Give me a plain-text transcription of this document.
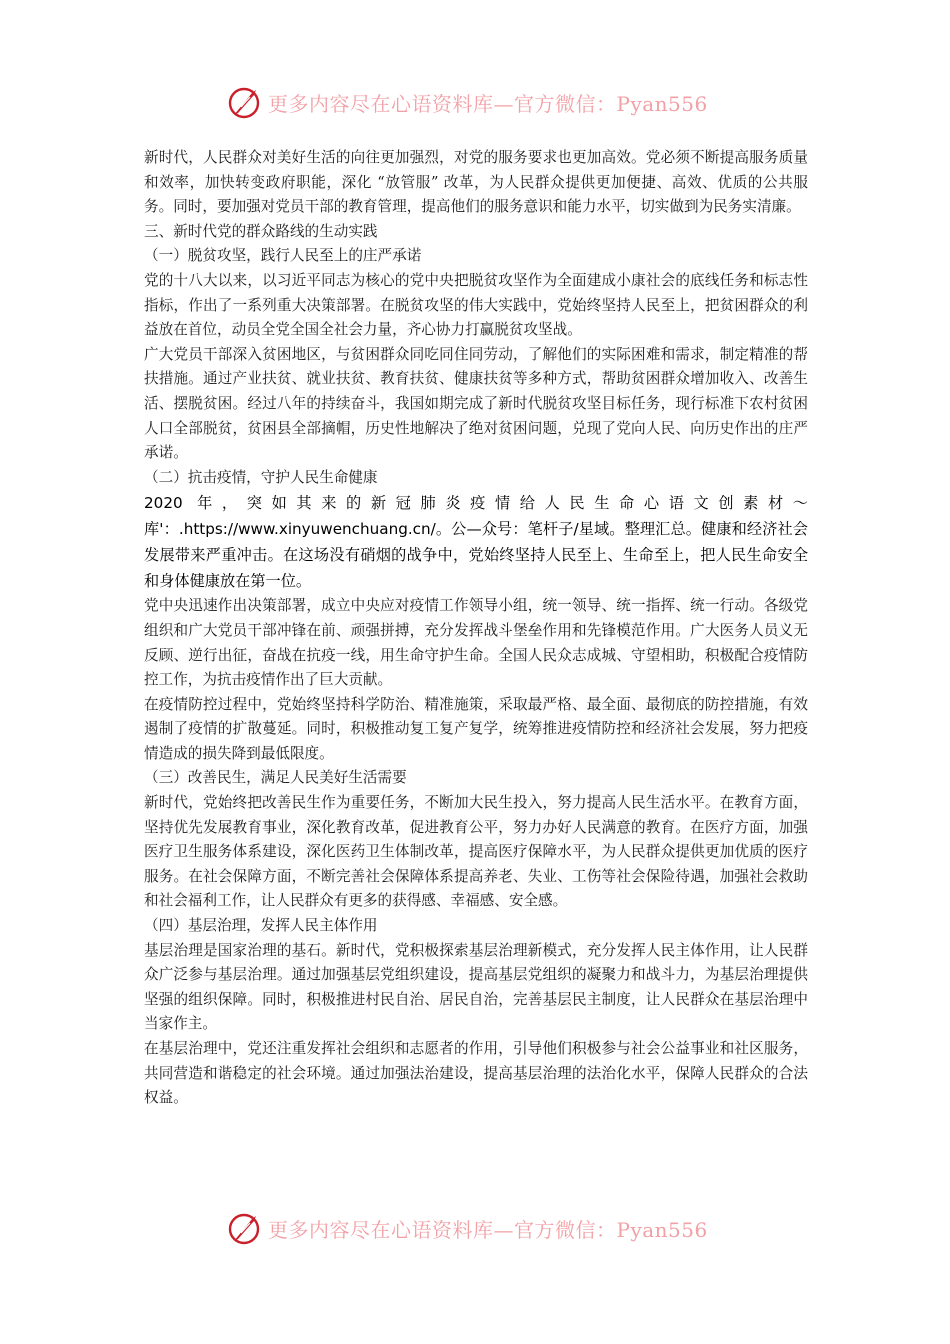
更多内容尽在心语资料库—官方微信：Pyan556

新时代，人民群众对美好生活的向往更加强烈，对党的服务要求也更加高效。党必须不断提高服务质量和效率，加快转变政府职能，深化 “放管服” 改革，为人民群众提供更加便捷、高效、优质的公共服务。同时，要加强对党员干部的教育管理，提高他们的服务意识和能力水平，切实做到为民务实清廉。

三、新时代党的群众路线的生动实践

（一）脱贫攻坚，践行人民至上的庄严承诺

党的十八大以来，以习近平同志为核心的党中央把脱贫攻坚作为全面建成小康社会的底线任务和标志性指标，作出了一系列重大决策部署。在脱贫攻坚的伟大实践中，党始终坚持人民至上，把贫困群众的利益放在首位，动员全党全国全社会力量，齐心协力打赢脱贫攻坚战。

广大党员干部深入贫困地区，与贫困群众同吃同住同劳动，了解他们的实际困难和需求，制定精准的帮扶措施。通过产业扶贫、就业扶贫、教育扶贫、健康扶贫等多种方式，帮助贫困群众增加收入、改善生活、摆脱贫困。经过八年的持续奋斗，我国如期完成了新时代脱贫攻坚目标任务，现行标准下农村贫困人口全部脱贫，贫困县全部摘帽，历史性地解决了绝对贫困问题，兑现了党向人民、向历史作出的庄严承诺。

（二）抗击疫情，守护人民生命健康

2020 年，突如其来的新冠肺炎疫情给人民生命心语文创素材～库'：.https://www.xinyuwenchuang.cn/。公—众号：笔杆子/星域。整理汇总。健康和经济社会发展带来严重冲击。在这场没有硝烟的战争中，党始终坚持人民至上、生命至上，把人民生命安全和身体健康放在第一位。

党中央迅速作出决策部署，成立中央应对疫情工作领导小组，统一领导、统一指挥、统一行动。各级党组织和广大党员干部冲锋在前、顽强拼搏，充分发挥战斗堡垒作用和先锋模范作用。广大医务人员义无反顾、逆行出征，奋战在抗疫一线，用生命守护生命。全国人民众志成城、守望相助，积极配合疫情防控工作，为抗击疫情作出了巨大贡献。

在疫情防控过程中，党始终坚持科学防治、精准施策，采取最严格、最全面、最彻底的防控措施，有效遏制了疫情的扩散蔓延。同时，积极推动复工复产复学，统筹推进疫情防控和经济社会发展，努力把疫情造成的损失降到最低限度。

（三）改善民生，满足人民美好生活需要

新时代，党始终把改善民生作为重要任务，不断加大民生投入，努力提高人民生活水平。在教育方面，坚持优先发展教育事业，深化教育改革，促进教育公平，努力办好人民满意的教育。在医疗方面，加强医疗卫生服务体系建设，深化医药卫生体制改革，提高医疗保障水平，为人民群众提供更加优质的医疗服务。在社会保障方面，不断完善社会保障体系提高养老、失业、工伤等社会保险待遇，加强社会救助和社会福利工作，让人民群众有更多的获得感、幸福感、安全感。

（四）基层治理，发挥人民主体作用

基层治理是国家治理的基石。新时代，党积极探索基层治理新模式，充分发挥人民主体作用，让人民群众广泛参与基层治理。通过加强基层党组织建设，提高基层党组织的凝聚力和战斗力，为基层治理提供坚强的组织保障。同时，积极推进村民自治、居民自治，完善基层民主制度，让人民群众在基层治理中当家作主。

在基层治理中，党还注重发挥社会组织和志愿者的作用，引导他们积极参与社会公益事业和社区服务，共同营造和谐稳定的社会环境。通过加强法治建设，提高基层治理的法治化水平，保障人民群众的合法权益。

更多内容尽在心语资料库—官方微信：Pyan556
